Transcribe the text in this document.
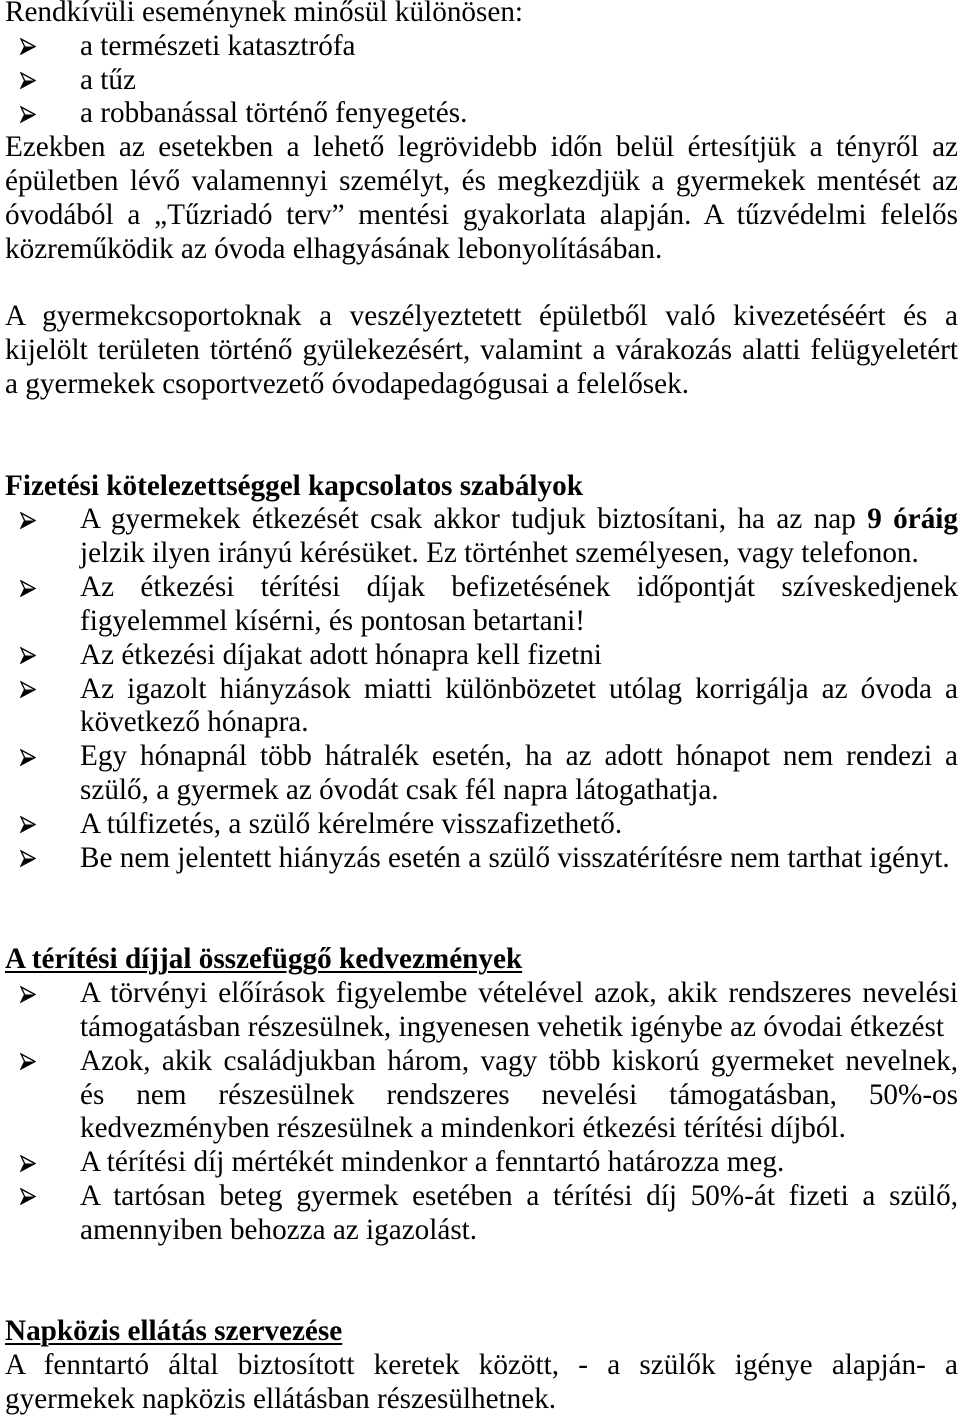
Rendkívüli eseménynek minősül különösen:
a természeti katasztrófa
a tűz
a robbanással történő fenyegetés.
Ezekben az esetekben a lehető legrövidebb időn belül értesítjük a tényről az
épületben lévő valamennyi személyt, és megkezdjük a gyermekek mentését az
óvodából a „Tűzriadó terv” mentési gyakorlata alapján. A tűzvédelmi felelős
közreműködik az óvoda elhagyásának lebonyolításában.
A gyermekcsoportoknak a veszélyeztetett épületből való kivezetéséért és a
kijelölt területen történő gyülekezésért, valamint a várakozás alatti felügyeletért
a gyermekek csoportvezető óvodapedagógusai a felelősek.
Fizetési kötelezettséggel kapcsolatos szabályok
A gyermekek étkezését csak akkor tudjuk biztosítani, ha az nap 9 óráig
jelzik ilyen irányú kérésüket. Ez történhet személyesen, vagy telefonon.
Az étkezési térítési díjak befizetésének időpontját szíveskedjenek
figyelemmel kísérni, és pontosan betartani!
Az étkezési díjakat adott hónapra kell fizetni
Az igazolt hiányzások miatti különbözetet utólag korrigálja az óvoda a
következő hónapra.
Egy hónapnál több hátralék esetén, ha az adott hónapot nem rendezi a
szülő, a gyermek az óvodát csak fél napra látogathatja.
A túlfizetés, a szülő kérelmére visszafizethető.
Be nem jelentett hiányzás esetén a szülő visszatérítésre nem tarthat igényt.
A térítési díjjal összefüggő kedvezmények
A törvényi előírások figyelembe vételével azok, akik rendszeres nevelési
támogatásban részesülnek, ingyenesen vehetik igénybe az óvodai étkezést
Azok, akik családjukban három, vagy több kiskorú gyermeket nevelnek,
és nem részesülnek rendszeres nevelési támogatásban, 50%-os
kedvezményben részesülnek a mindenkori étkezési térítési díjból.
A térítési díj mértékét mindenkor a fenntartó határozza meg.
A tartósan beteg gyermek esetében a térítési díj 50%-át fizeti a szülő,
amennyiben behozza az igazolást.
Napközis ellátás szervezése
A fenntartó által biztosított keretek között, - a szülők igénye alapján- a
gyermekek napközis ellátásban részesülhetnek.
